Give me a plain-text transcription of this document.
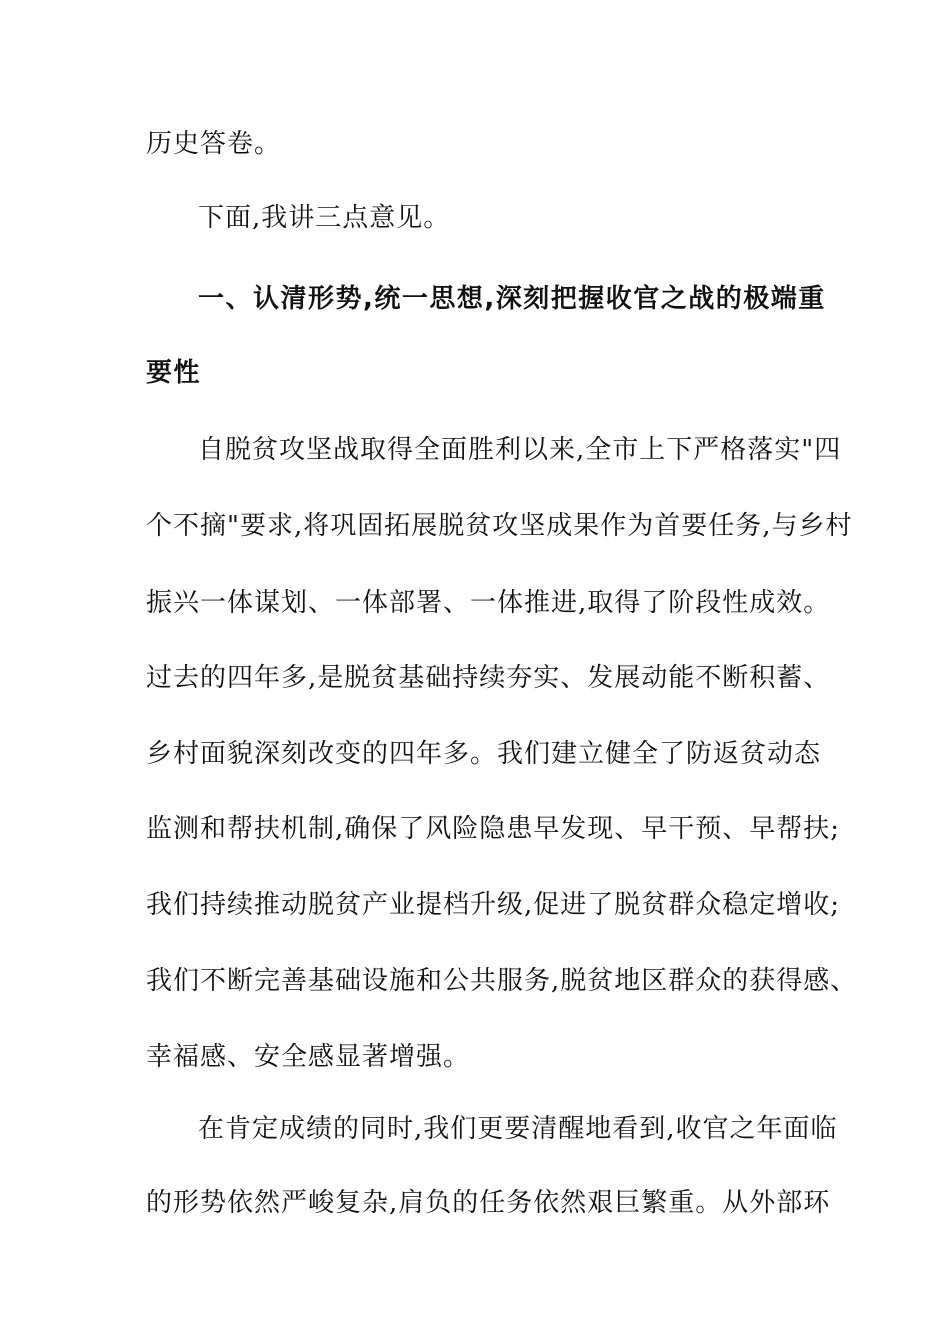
历史答卷。
下面,我讲三点意见。
一、认清形势,统一思想,深刻把握收官之战的极端重
要性
自脱贫攻坚战取得全面胜利以来,全市上下严格落实"四
个不摘"要求,将巩固拓展脱贫攻坚成果作为首要任务,与乡村
振兴一体谋划、一体部署、一体推进,取得了阶段性成效。
过去的四年多,是脱贫基础持续夯实、发展动能不断积蓄、
乡村面貌深刻改变的四年多。我们建立健全了防返贫动态
监测和帮扶机制,确保了风险隐患早发现、早干预、早帮扶;
我们持续推动脱贫产业提档升级,促进了脱贫群众稳定增收;
我们不断完善基础设施和公共服务,脱贫地区群众的获得感、
幸福感、安全感显著增强。
在肯定成绩的同时,我们更要清醒地看到,收官之年面临
的形势依然严峻复杂,肩负的任务依然艰巨繁重。从外部环
